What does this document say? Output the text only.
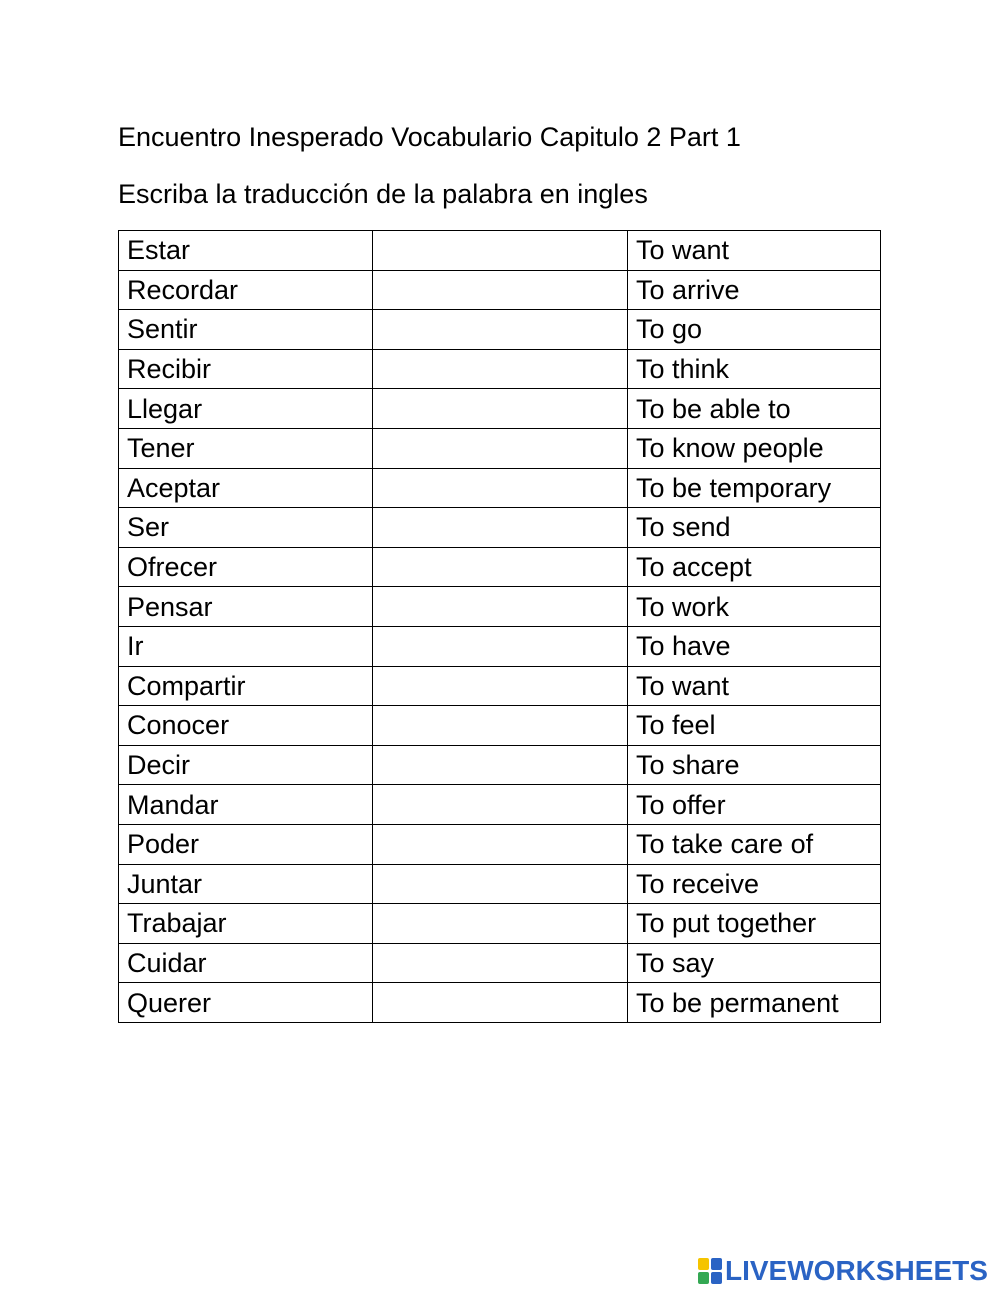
Encuentro Inesperado Vocabulario Capitulo 2 Part 1
Escriba la traducción de la palabra en ingles
Estar		To want
Recordar		To arrive
Sentir		To go
Recibir		To think
Llegar		To be able to
Tener		To know people
Aceptar		To be temporary
Ser		To send
Ofrecer		To accept
Pensar		To work
Ir		To have
Compartir		To want
Conocer		To feel
Decir		To share
Mandar		To offer
Poder		To take care of
Juntar		To receive
Trabajar		To put together
Cuidar		To say
Querer		To be permanent
LIVEWORKSHEETS
